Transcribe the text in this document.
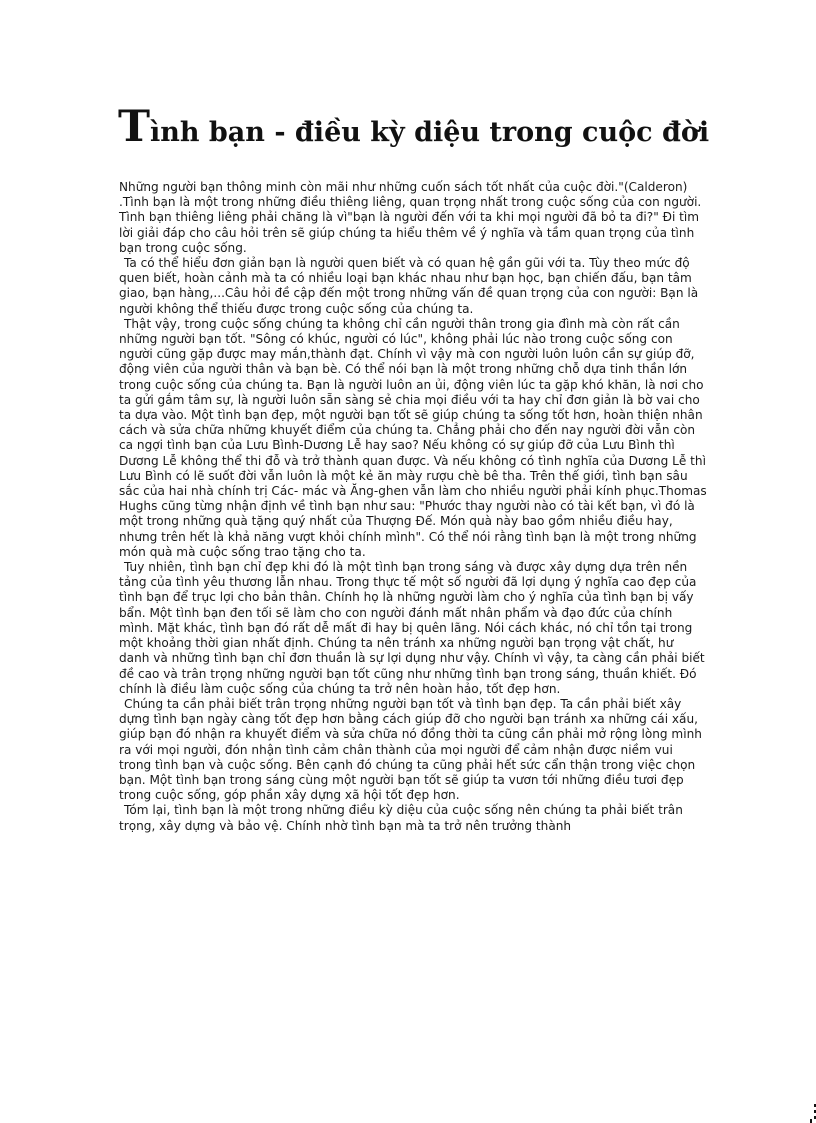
Tình bạn - điều kỳ diệu trong cuộc đời

Những người bạn thông minh còn mãi như những cuốn sách tốt nhất của cuộc đời."(Calderon) .Tình bạn là một trong những điều thiêng liêng, quan trọng nhất trong cuộc sống của con người. Tình bạn thiêng liêng phải chăng là vì"bạn là người đến với ta khi mọi người đã bỏ ta đi?" Đi tìm lời giải đáp cho câu hỏi trên sẽ giúp chúng ta hiểu thêm về ý nghĩa và tầm quan trọng của tình bạn trong cuộc sống.

Ta có thể hiểu đơn giản bạn là người quen biết và có quan hệ gần gũi với ta. Tùy theo mức độ quen biết, hoàn cảnh mà ta có nhiều loại bạn khác nhau như bạn học, bạn chiến đấu, bạn tâm giao, bạn hàng,...Câu hỏi đề cập đến một trong những vấn đề quan trọng của con người: Bạn là người không thể thiếu được trong cuộc sống của chúng ta.

Thật vậy, trong cuộc sống chúng ta không chỉ cần người thân trong gia đình mà còn rất cần những người bạn tốt. "Sông có khúc, người có lúc", không phải lúc nào trong cuộc sống con người cũng gặp được may mắn,thành đạt. Chính vì vậy mà con người luôn luôn cần sự giúp đỡ, động viên của người thân và bạn bè. Có thể nói bạn là một trong những chỗ dựa tinh thần lớn trong cuộc sống của chúng ta. Bạn là người luôn an ủi, động viên lúc ta gặp khó khăn, là nơi cho ta gửi gắm tâm sự, là người luôn sẵn sàng sẻ chia mọi điều với ta hay chỉ đơn giản là bờ vai cho ta dựa vào. Một tình bạn đẹp, một người bạn tốt sẽ giúp chúng ta sống tốt hơn, hoàn thiện nhân cách và sửa chữa những khuyết điểm của chúng ta. Chẳng phải cho đến nay người đời vẫn còn ca ngợi tình bạn của Lưu Bình-Dương Lễ hay sao? Nếu không có sự giúp đỡ của Lưu Bình thì Dương Lễ không thể thi đỗ và trở thành quan được. Và nếu không có tình nghĩa của Dương Lễ thì Lưu Bình có lẽ suốt đời vẫn luôn là một kẻ ăn mày rượu chè bê tha. Trên thế giới, tình bạn sâu sắc của hai nhà chính trị Các- mác và Ăng-ghen vẫn làm cho nhiều người phải kính phục.Thomas Hughs cũng từng nhận định về tình bạn như sau: "Phước thay người nào có tài kết bạn, vì đó là một trong những quà tặng quý nhất của Thượng Đế. Món quà này bao gồm nhiều điều hay, nhưng trên hết là khả năng vượt khỏi chính mình". Có thể nói rằng tình bạn là một trong những món quà mà cuộc sống trao tặng cho ta.

Tuy nhiên, tình bạn chỉ đẹp khi đó là một tình bạn trong sáng và được xây dựng dựa trên nền tảng của tình yêu thương lẫn nhau. Trong thực tế một số người đã lợi dụng ý nghĩa cao đẹp của tình bạn để trục lợi cho bản thân. Chính họ là những người làm cho ý nghĩa của tình bạn bị vấy bẩn. Một tình bạn đen tối sẽ làm cho con người đánh mất nhân phẩm và đạo đức của chính mình. Mặt khác, tình bạn đó rất dễ mất đi hay bị quên lãng. Nói cách khác, nó chỉ tồn tại trong một khoảng thời gian nhất định. Chúng ta nên tránh xa những người bạn trọng vật chất, hư danh và những tình bạn chỉ đơn thuần là sự lợi dụng như vậy. Chính vì vậy, ta càng cần phải biết đề cao và trân trọng những người bạn tốt cũng như những tình bạn trong sáng, thuần khiết. Đó chính là điều làm cuộc sống của chúng ta trở nên hoàn hảo, tốt đẹp hơn.

Chúng ta cần phải biết trân trọng những người bạn tốt và tình bạn đẹp. Ta cần phải biết xây dựng tình bạn ngày càng tốt đẹp hơn bằng cách giúp đỡ cho người bạn tránh xa những cái xấu, giúp bạn đó nhận ra khuyết điểm và sửa chữa nó đồng thời ta cũng cần phải mở rộng lòng mình ra với mọi người, đón nhận tình cảm chân thành của mọi người để cảm nhận được niềm vui trong tình bạn và cuộc sống. Bên cạnh đó chúng ta cũng phải hết sức cẩn thận trong việc chọn bạn. Một tình bạn trong sáng cùng một người bạn tốt sẽ giúp ta vươn tới những điều tươi đẹp trong cuộc sống, góp phần xây dựng xã hội tốt đẹp hơn.

Tóm lại, tình bạn là một trong những điều kỳ diệu của cuộc sống nên chúng ta phải biết trân trọng, xây dựng và bảo vệ. Chính nhờ tình bạn mà ta trở nên trưởng thành
